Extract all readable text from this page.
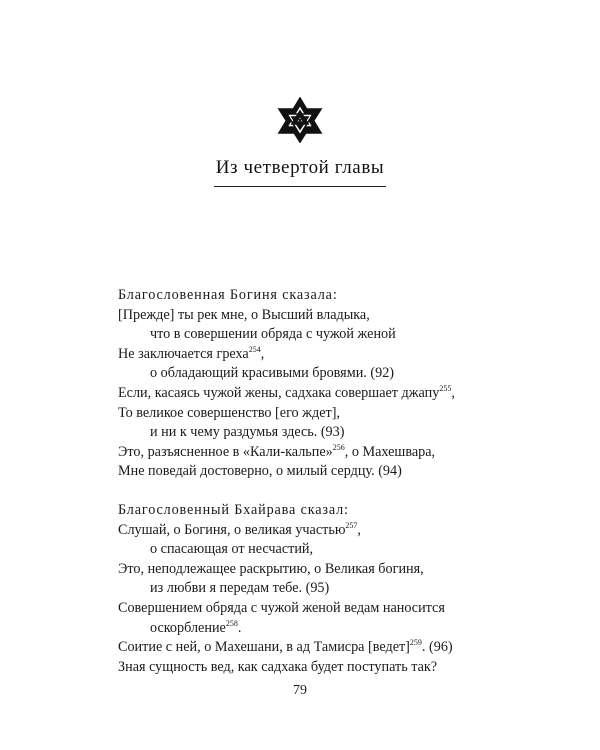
Из четвертой главы
Благословенная Богиня сказала:
[Прежде] ты рек мне, о Высший владыка,
что в совершении обряда с чужой женой
Не заключается греха$^{254}$,
о обладающий красивыми бровями. (92)
Если, касаясь чужой жены, садхака совершает джапу$^{255}$,
То великое совершенство [его ждет],
и ни к чему раздумья здесь. (93)
Это, разъясненное в «Кали-кальпе»$^{256}$, о Махешвара,
Мне поведай достоверно, о милый сердцу. (94)
Благословенный Бхайрава сказал:
Слушай, о Богиня, о великая участью$^{257}$,
о спасающая от несчастий,
Это, неподлежащее раскрытию, о Великая богиня,
из любви я передам тебе. (95)
Совершением обряда с чужой женой ведам наносится
оскорбление$^{258}$.
Соитие с ней, о Махешани, в ад Тамисра [ведет]$^{259}$. (96)
Зная сущность вед, как садхака будет поступать так?
79
